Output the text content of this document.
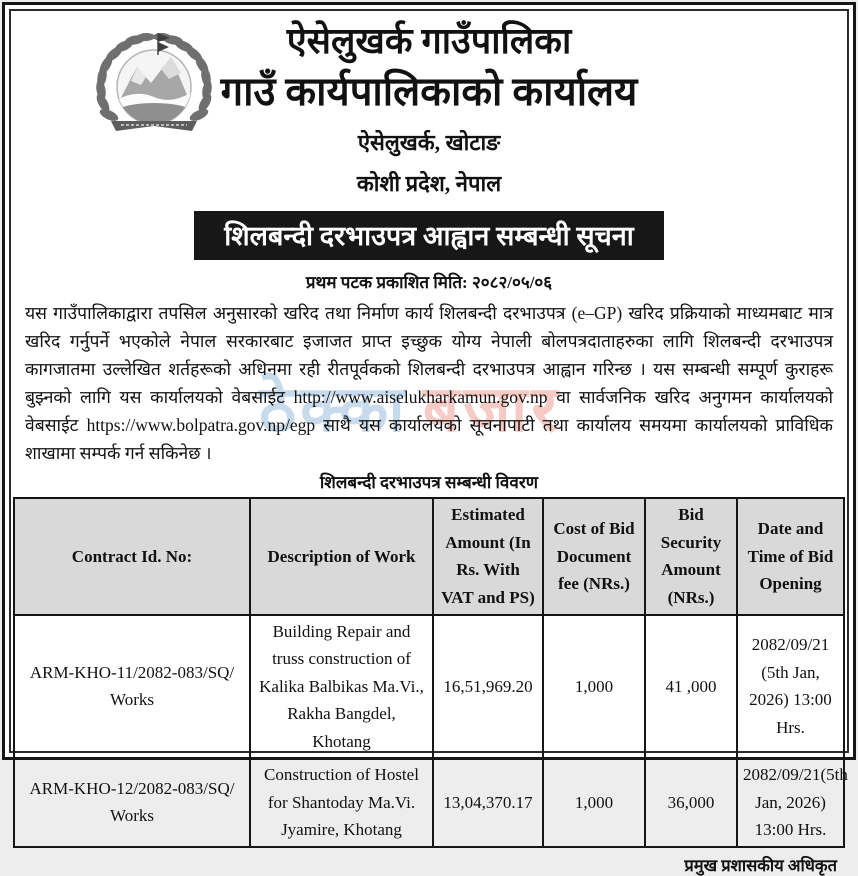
ठेक्का बजार
ऐसेलुखर्क गाउँपालिका
गाउँ कार्यपालिकाको कार्यालय
ऐसेलुखर्क, खोटाङ
कोशी प्रदेश, नेपाल
शिलबन्दी दरभाउपत्र आह्वान सम्बन्धी सूचना
प्रथम पटक प्रकाशित मिति: २०८२/०५/०६

यस गाउँपालिकाद्वारा तपसिल अनुसारको खरिद तथा निर्माण कार्य शिलबन्दी दरभाउपत्र (e–GP) खरिद प्रक्रियाको माध्यमबाट मात्र खरिद गर्नुपर्ने भएकोले नेपाल सरकारबाट इजाजत प्राप्त इच्छुक योग्य नेपाली बोलपत्रदाताहरुका लागि शिलबन्दी दरभाउपत्र कागजातमा उल्लेखित शर्तहरूको अधिनमा रही रीतपूर्वकको शिलबन्दी दरभाउपत्र आह्वान गरिन्छ । यस सम्बन्धी सम्पूर्ण कुराहरू बुझ्नको लागि यस कार्यालयको वेबसाईट http://www.aiselukharkamun.gov.np वा सार्वजनिक खरिद अनुगमन कार्यालयको वेबसाईट https://www.bolpatra.gov.np/egp साथै यस कार्यालयको सूचनापाटी तथा कार्यालय समयमा कार्यालयको प्राविधिक शाखामा सम्पर्क गर्न सकिनेछ ।

शिलबन्दी दरभाउपत्र सम्बन्धी विवरण
Contract Id. No:	Description of Work	Estimated Amount (In Rs. With VAT and PS)	Cost of Bid Document fee (NRs.)	Bid Security Amount (NRs.)	Date and Time of Bid Opening
ARM-KHO-11/2082-083/SQ/ Works	Building Repair and truss construction of Kalika Balbikas Ma.Vi., Rakha Bangdel, Khotang	16,51,969.20	1,000	41 ,000	2082/09/21 (5th Jan, 2026) 13:00 Hrs.
ARM-KHO-12/2082-083/SQ/ Works	Construction of Hostel for Shantoday Ma.Vi. Jyamire, Khotang	13,04,370.17	1,000	36,000	2082/09/21(5th Jan, 2026) 13:00 Hrs.
प्रमुख प्रशासकीय अधिकृत
